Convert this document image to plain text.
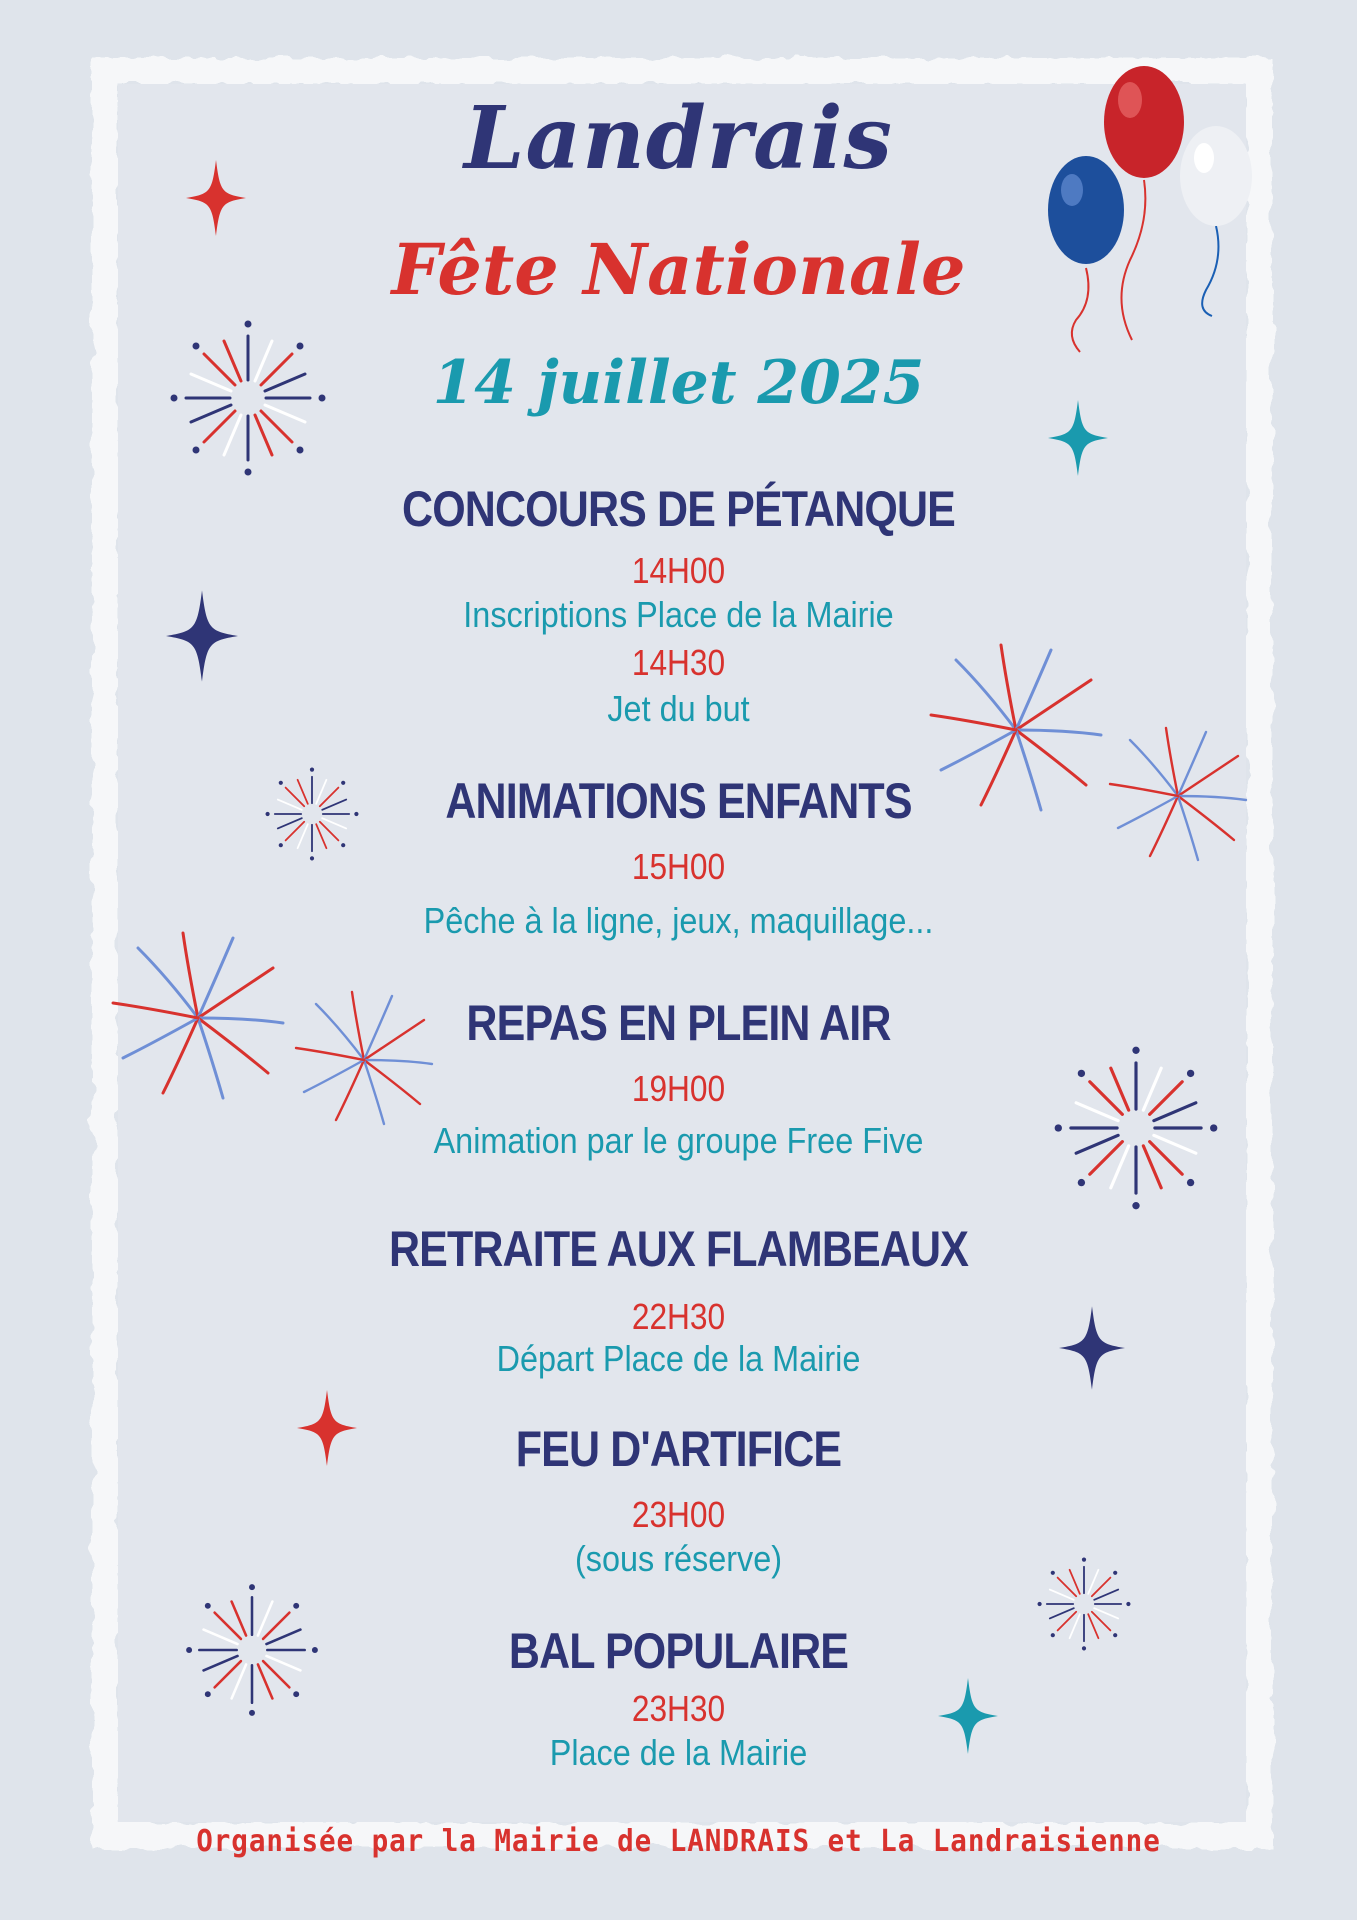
Landrais
Fête Nationale
14 juillet 2025
CONCOURS DE PÉTANQUE
14H00
Inscriptions Place de la Mairie
14H30
Jet du but
ANIMATIONS ENFANTS
15H00
Pêche à la ligne, jeux, maquillage...
REPAS EN PLEIN AIR
19H00
Animation par le groupe Free Five
RETRAITE AUX FLAMBEAUX
22H30
Départ Place de la Mairie
FEU D'ARTIFICE
23H00
(sous réserve)
BAL POPULAIRE
23H30
Place de la Mairie
Organisée par la Mairie de LANDRAIS et La Landraisienne
